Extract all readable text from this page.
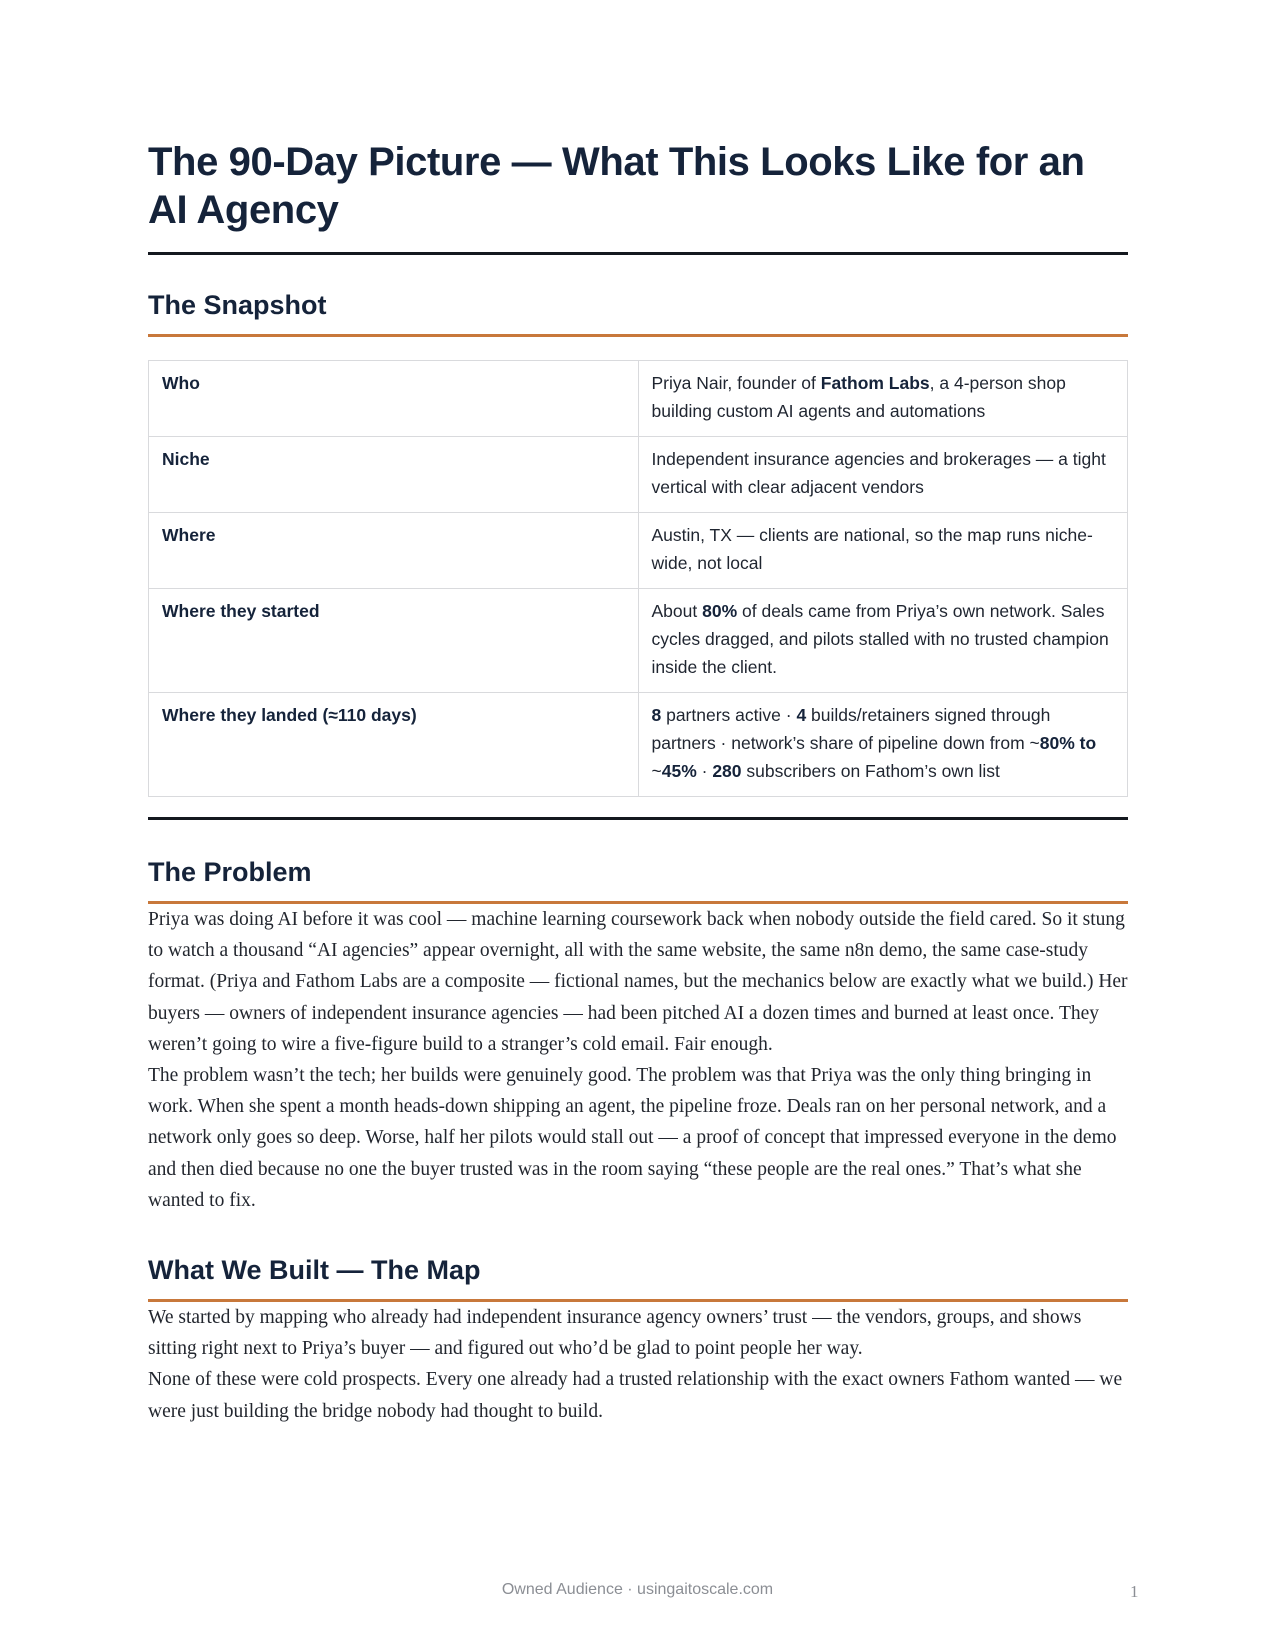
The 90-Day Picture — What This Looks Like for an AI Agency
The Snapshot
Who	Priya Nair, founder of Fathom Labs, a 4-person shop building custom AI agents and automations
Niche	Independent insurance agencies and brokerages — a tight vertical with clear adjacent vendors
Where	Austin, TX — clients are national, so the map runs niche-wide, not local
Where they started	About 80% of deals came from Priya’s own network. Sales cycles dragged, and pilots stalled with no trusted champion inside the client.
Where they landed (≈110 days)	8 partners active · 4 builds/retainers signed through partners · network’s share of pipeline down from ~80% to ~45% · 280 subscribers on Fathom’s own list
The Problem

Priya was doing AI before it was cool — machine learning coursework back when nobody outside the field cared. So it stung to watch a thousand “AI agencies” appear overnight, all with the same website, the same n8n demo, the same case-study format. (Priya and Fathom Labs are a composite — fictional names, but the mechanics below are exactly what we build.) Her buyers — owners of independent insurance agencies — had been pitched AI a dozen times and burned at least once. They weren’t going to wire a five-figure build to a stranger’s cold email. Fair enough.

The problem wasn’t the tech; her builds were genuinely good. The problem was that Priya was the only thing bringing in work. When she spent a month heads-down shipping an agent, the pipeline froze. Deals ran on her personal network, and a network only goes so deep. Worse, half her pilots would stall out — a proof of concept that impressed everyone in the demo and then died because no one the buyer trusted was in the room saying “these people are the real ones.” That’s what she wanted to fix.

What We Built — The Map

We started by mapping who already had independent insurance agency owners’ trust — the vendors, groups, and shows sitting right next to Priya’s buyer — and figured out who’d be glad to point people her way.

None of these were cold prospects. Every one already had a trusted relationship with the exact owners Fathom wanted — we were just building the bridge nobody had thought to build.

Owned Audience · usingaitoscale.com	1
